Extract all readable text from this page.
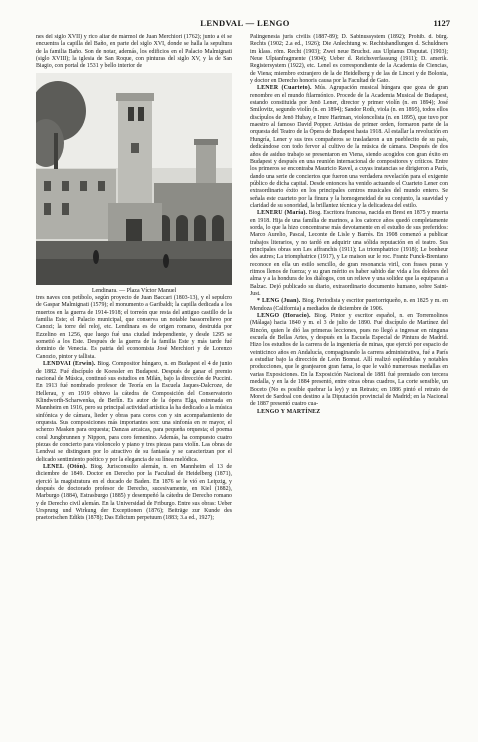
LENDVAL — LENGO	1127

nes del siglo XVII) y rico altar de mármol de Juan Merchiori (1762); junto a él se encuentra la capilla del Baño, en parte del siglo XVI, donde se halla la sepultura de la familia Baño. Son de notar, además, los edificios en el Palacio Malmignati (siglo XVIII); la iglesia de San Roque, con pinturas del siglo XV, y la de San Biagio, con portal de 1531 y bello interior de

Lendinara. — Plaza Víctor Manuel

tres naves con petíbolo, según proyecto de Juan Baccari (1803-13), y el sepulcro de Gaspar Malmignati (1579); el monumento a Garibaldi; la capilla dedicada a los muertos en la guerra de 1914-1918; el torreón que resta del antiguo castillo de la familia Este; el Palacio municipal, que conserva un notable bassorrelievo por Canozi; la torre del reloj, etc. Lendinara es de origen romano, destruida por Ezzelino en 1256, que luego fué una ciudad independiente, y desde 1295 se sometió a los Este. Después de la guerra de la familia Este y más tarde fué dominio de Venecia. Es patria del economista José Merchiori y de Lorenzo Canozio, pintor y tallista.

LENDVAI (Erwin). Biog. Compositor húngaro, n. en Budapest el 4 de junio de 1882. Fué discípulo de Koessler en Budapest. Después de ganar el premio nacional de Música, continuó sus estudios en Milán, bajo la dirección de Puccini. En 1913 fué nombrado profesor de Teoría en la Escuela Jaques-Dalcroze, de Hellerau, y en 1919 obtuvo la cátedra de Composición del Conservatorio Klindworth-Scharwenka, de Berlín. Es autor de la ópera Elga, estrenada en Mannheim en 1916, pero su principal actividad artística la ha dedicado a la música sinfónica y de cámara, lieder y obras para coros con y sin acompañamiento de orquesta. Sus composiciones más importantes son: una sinfonía en re mayor, el scherzo Masken para orquesta; Danzas arcaicas, para pequeña orquesta; el poema coral Jungbrunnen y Nippon, para coro femenino. Además, ha compuesto cuatro piezas de concierto para violoncelo y piano y tres piezas para violín. Las obras de Lendvai se distinguen por lo atractivo de su fantasía y se caracterizan por el delicado sentimiento poético y por la elegancia de su línea melódica.

LENEL (Otón). Biog. Jurisconsulto alemán, n. en Mannheim el 13 de diciembre de 1849. Doctor en Derecho por la Facultad de Heidelberg (1871), ejerció la magistratura en el ducado de Baden. En 1876 se le vió en Leipzig, y después de doctorado profesor de Derecho, sucesivamente, en Kiel (1882), Marburgo (1884), Estrasburgo (1885) y desempeñó la cátedra de Derecho romano y de Derecho civil alemán. En la Universidad de Friburgo. Entre sus obras: Ueber Ursprung und Wirkung der Exceptionen (1876); Beiträge zur Kunde des praetorischen Edikts (1878); Das Edictum perpetuum (1883; 3.a ed., 1927);

Palingenesia juris civilis (1887-89); D. Sabinussystem (1892); Prohib. d. bürg. Rechts (1902; 2.a ed., 1926); Die Anlechtung w. Rechtshandlungen d. Schuldners im klass. röm. Recht (1903); Zwei neue Bruchst. aus Ulpianus Disputat. (1903); Neue Ulpianfragmente (1904); Ueber d. Reichsverfassung (1911); D. amerik. Registersystem (1922), etc. Lenel es correspondiente de la Academia de Ciencias, de Viena; miembro extranjero de la de Heidelberg y de las de Lincei y de Bolonia, y doctor en Derecho honoris causa por la Facultad de Gato.

LENER (Cuarteto). Mús. Agrupación musical húngara que goza de gran renombre en el mundo filarmónico. Procede de la Academia Musical de Budapest, estando constituida por Jenö Lener, director y primer violín (n. en 1894); José Smilovitz, segundo violín (n. en 1894); Sandor Roth, viola (n. en 1895), todos ellos discípulos de Jenö Hubay, e Imre Hartman, violoncelista (n. en 1895), que tuvo por maestro al famoso David Popper. Artistas de primer orden, formaron parte de la orquesta del Teatro de la Ópera de Budapest hasta 1918. Al estallar la revolución en Hungría, Lener y sus tres compañeros se trasladaron a un pueblecito de su país, dedicándose con todo fervor al cultivo de la música de cámara. Después de dos años de asiduo trabajo se presentaron en Viena, siendo acogidos con gran éxito en Budapest y después en una reunión internacional de compositores y críticos. Entre los primeros se encontraba Mauricio Ravel, a cuyas instancias se dirigieron a París, dando una serie de conciertos que fueron una verdadera revelación para el exigente público de dicha capital. Desde entonces ha venido actuando el Cuarteto Lener con extraordinario éxito en los principales centros musicales del mundo entero. Se señala este cuarteto por la finura y la homogeneidad de su conjunto, la suavidad y claridad de su sonoridad, la brillantez técnica y la delicadeza del estilo.

LENERU (María). Biog. Escritora francesa, nacida en Brest en 1875 y muerta en 1918. Hija de una familia de marinos, a los catorce años quedó completamente sorda, lo que la hizo concentrarse más devotamente en el estudio de sus preferidos: Marco Aurelio, Pascal, Leconte de Lisle y Barrès. En 1908 comenzó a publicar trabajos literarios, y no tardó en adquirir una sólida reputación en el teatro. Sus principales obras son Les affranchis (1911); La triomphatrice (1918); Le bonheur des autres; La triomphatrice (1917), y Le maison sur le roc. Frantz Funck-Brentano reconoce en ella un estilo sencillo, de gran resonancia viril, con frases puras y ritmos llenos de fuerza; y su gran mérito es haber sabido dar vida a los dolores del alma y a la hondura de los diálogos, con un relieve y una solidez que la equiparan a Balzac. Dejó publicado su diario, extraordinario documento humano, sobre Saint-Just.

* LENG (Juan). Biog. Periodista y escritor puertorriqueño, n. en 1825 y m. en Mendoza (California) a mediados de diciembre de 1906.

LENGO (Horacio). Biog. Pintor y escritor español, n. en Torremolinos (Málaga) hacia 1840 y m. el 3 de julio de 1890. Fué discípulo de Martínez del Rincón, quien le dió las primeras lecciones, pues no llegó a ingresar en ninguna escuela de Bellas Artes, y después en la Escuela Especial de Pintura de Madrid. Hizo los estudios de la carrera de la ingeniería de minas, que ejerció por espacio de veinticinco años en Andalucía, compaginando la carrera administrativa, fué a París a estudiar bajo la dirección de León Bonnat. Allí realizó espléndidas y notables producciones, que le granjearon gran fama, lo que le valió numerosas medallas en varias Exposiciones. En la Exposición Nacional de 1881 fué premiado con tercera medalla, y en la de 1884 presentó, entre otras obras cuadros, La corte sensible, un Boceto (No es posible quebrar la ley) y un Retrato; en 1886 pintó el retrato de Moret de Sardoal con destino a la Diputación provincial de Madrid; en la Nacional de 1887 presentó cuatro cua-

LENGO Y MARTÍNEZ
